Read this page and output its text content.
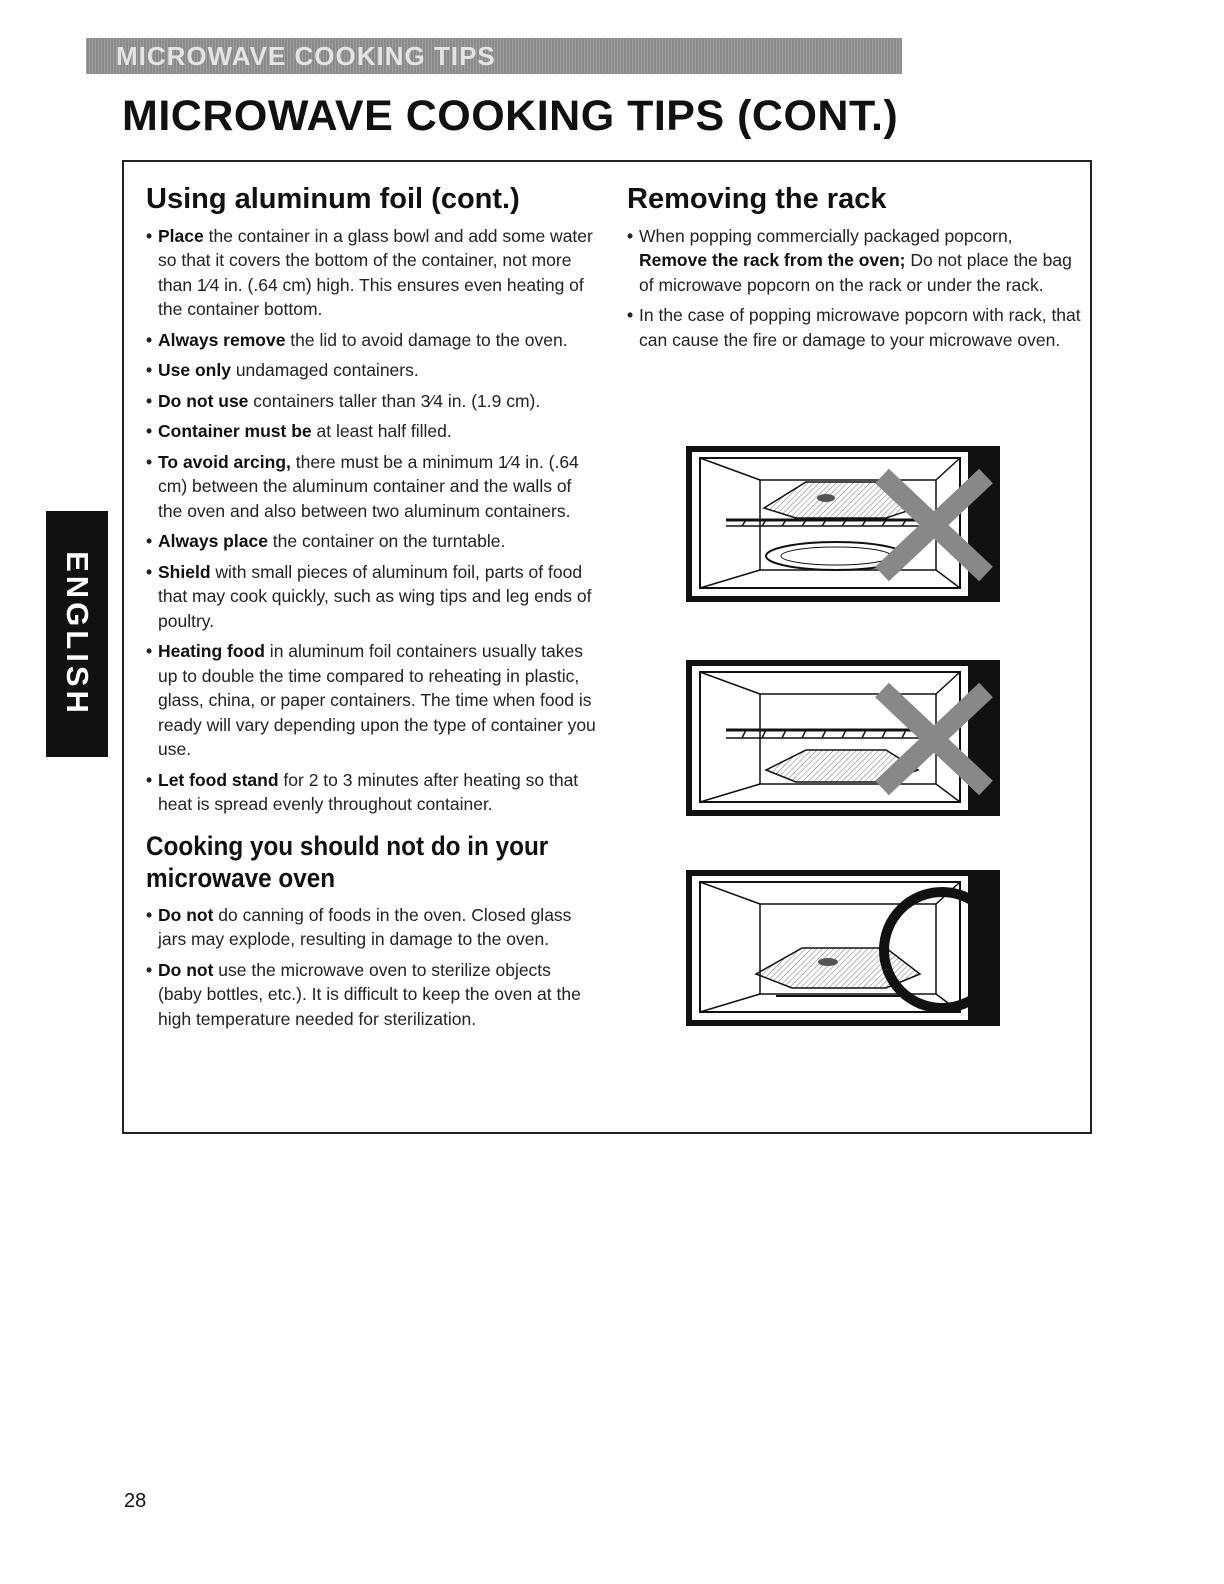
MICROWAVE COOKING TIPS
MICROWAVE COOKING TIPS (CONT.)
ENGLISH
Using aluminum foil (cont.)
• Place the container in a glass bowl and add some water so that it covers the bottom of the container, not more than 1⁄4 in. (.64 cm) high. This ensures even heating of the container bottom.
• Always remove the lid to avoid damage to the oven.
• Use only undamaged containers.
• Do not use containers taller than 3⁄4 in. (1.9 cm).
• Container must be at least half filled.
• To avoid arcing, there must be a minimum 1⁄4 in. (.64 cm) between the aluminum container and the walls of the oven and also between two aluminum containers.
• Always place the container on the turntable.
• Shield with small pieces of aluminum foil, parts of food that may cook quickly, such as wing tips and leg ends of poultry.
• Heating food in aluminum foil containers usually takes up to double the time compared to reheating in plastic, glass, china, or paper containers. The time when food is ready will vary depending upon the type of container you use.
• Let food stand for 2 to 3 minutes after heating so that heat is spread evenly throughout container.
Cooking you should not do in your microwave oven
• Do not do canning of foods in the oven. Closed glass jars may explode, resulting in damage to the oven.
• Do not use the microwave oven to sterilize objects (baby bottles, etc.). It is difficult to keep the oven at the high temperature needed for sterilization.
Removing the rack
• When popping commercially packaged popcorn, Remove the rack from the oven; Do not place the bag of microwave popcorn on the rack or under the rack.
• In the case of popping microwave popcorn with rack, that can cause the fire or damage to your microwave oven.
28
